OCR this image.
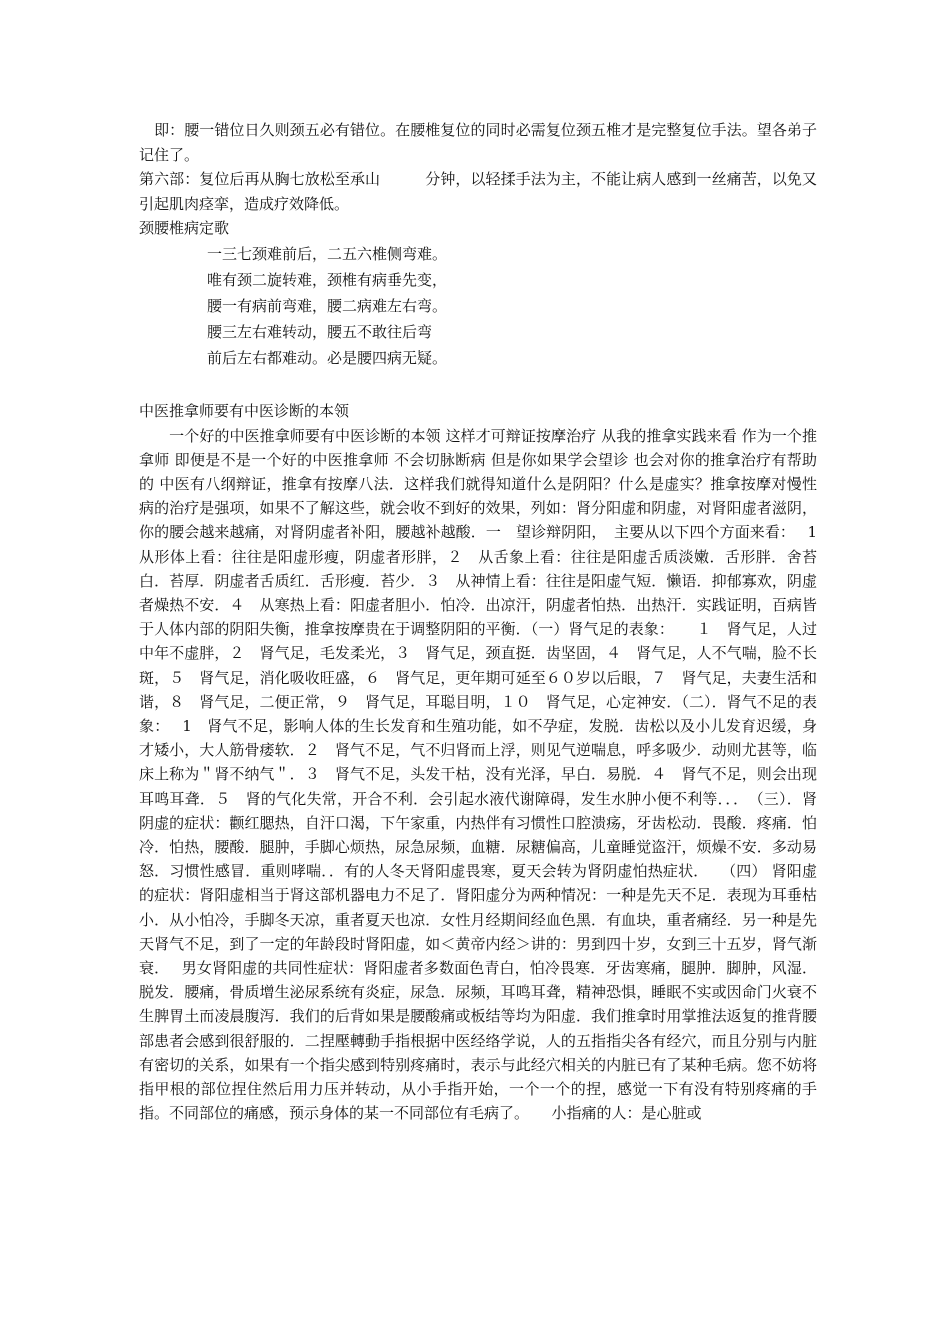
　即：腰一错位日久则颈五必有错位。在腰椎复位的同时必需复位颈五椎才是完整复位手法。望各弟子记住了。

第六部：复位后再从胸七放松至承山　　　分钟，以轻揉手法为主，不能让病人感到一丝痛苦，以免又引起肌肉痉挛，造成疗效降低。

颈腰椎病定歌

一三七颈难前后，二五六椎侧弯难。

唯有颈二旋转难，颈椎有病垂先变，

腰一有病前弯难，腰二病难左右弯。

腰三左右难转动，腰五不敢往后弯

前后左右都难动。必是腰四病无疑。

中医推拿师要有中医诊断的本领

　　一个好的中医推拿师要有中医诊断的本领 这样才可辩证按摩治疗 从我的推拿实践来看 作为一个推拿师 即便是不是一个好的中医推拿师 不会切脉断病 但是你如果学会望诊 也会对你的推拿治疗有帮助的 中医有八纲辩证，推拿有按摩八法．这样我们就得知道什么是阴阳？什么是虚实？推拿按摩对慢性病的治疗是强项，如果不了解这些，就会收不到好的效果，列如：肾分阳虚和阴虚，对肾阳虚者滋阴，你的腰会越来越痛，对肾阴虚者补阳，腰越补越酸．一　望诊辩阴阳，　主要从以下四个方面来看：　 1　从形体上看：往往是阳虚形瘦，阴虚者形胖，２　从舌象上看：往往是阳虚舌质淡嫩．舌形胖．舍苔白．苔厚．阴虚者舌质红．舌形瘦．苔少．３　从神情上看：往往是阳虚气短．懒语．抑郁寡欢，阴虚者燥热不安．４　从寒热上看：阳虚者胆小．怕冷．出凉汗，阴虚者怕热．出热汗．实践证明，百病皆于人体内部的阴阳失衡，推拿按摩贵在于调整阴阳的平衡．（一）肾气足的表象：　　１　肾气足，人过中年不虚胖，２　肾气足，毛发柔光，３　肾气足，颈直挺．齿坚固，４　肾气足，人不气喘，脸不长斑，５　肾气足，消化吸收旺盛，６　肾气足，更年期可延至６０岁以后眼，７　肾气足，夫妻生活和谐，８　肾气足，二便正常，９　肾气足，耳聪目明，１０　肾气足，心定神安．（二）．肾气不足的表象：　 1　肾气不足，影响人体的生长发育和生殖功能，如不孕症，发脱．齿松以及小儿发育迟缓，身才矮小，大人筋骨痿软．２　肾气不足，气不归肾而上浮，则见气逆喘息，呼多吸少．动则尤甚等，临床上称为＂肾不纳气＂．３　肾气不足，头发干枯，没有光泽，早白．易脱．４　肾气不足，则会出现耳鸣耳聋．５　肾的气化失常，开合不利．会引起水液代谢障碍，发生水肿小便不利等．．．　（三）．肾阴虚的症状：颧红腮热，自汗口渴，下午家重，内热伴有习惯性口腔溃疡，牙齿松动．畏酸．疼痛．怕冷．怕热，腰酸．腿肿，手脚心烦热，尿急尿频，血糖．尿糖偏高，儿童睡觉盗汗，烦燥不安．多动易怒．习惯性感冒．重则哮喘．．有的人冬天肾阳虚畏寒，夏天会转为肾阴虚怕热症状．　 （四） 肾阳虚的症状：肾阳虚相当于肾这部机器电力不足了．肾阳虚分为两种情况：一种是先天不足．表现为耳垂枯小．从小怕冷，手脚冬天凉，重者夏天也凉．女性月经期间经血色黑．有血块，重者痛经．另一种是先天肾气不足，到了一定的年龄段时肾阳虚，如＜黄帝内经＞讲的：男到四十岁，女到三十五岁，肾气渐衰．　 男女肾阳虚的共同性症状：肾阳虚者多数面色青白，怕冷畏寒．牙齿寒痛，腿肿．脚肿，风湿．脱发．腰痛，骨质增生泌尿系统有炎症，尿急．尿频，耳鸣耳聋，精神恐惧，睡眠不实或因命门火衰不生脾胃土而凌晨腹泻．我们的后背如果是腰酸痛或板结等均为阳虚．我们推拿时用掌推法返复的推背腰部患者会感到很舒服的．二捏壓轉動手指根据中医经络学说，人的五指指尖各有经穴，而且分别与内脏有密切的关系，如果有一个指尖感到特别疼痛时，表示与此经穴相关的内脏已有了某种毛病。您不妨将指甲根的部位捏住然后用力压并转动，从小手指开始，一个一个的捏，感觉一下有没有特别疼痛的手指。不同部位的痛感，预示身体的某一不同部位有毛病了。　　小指痛的人：是心脏或
